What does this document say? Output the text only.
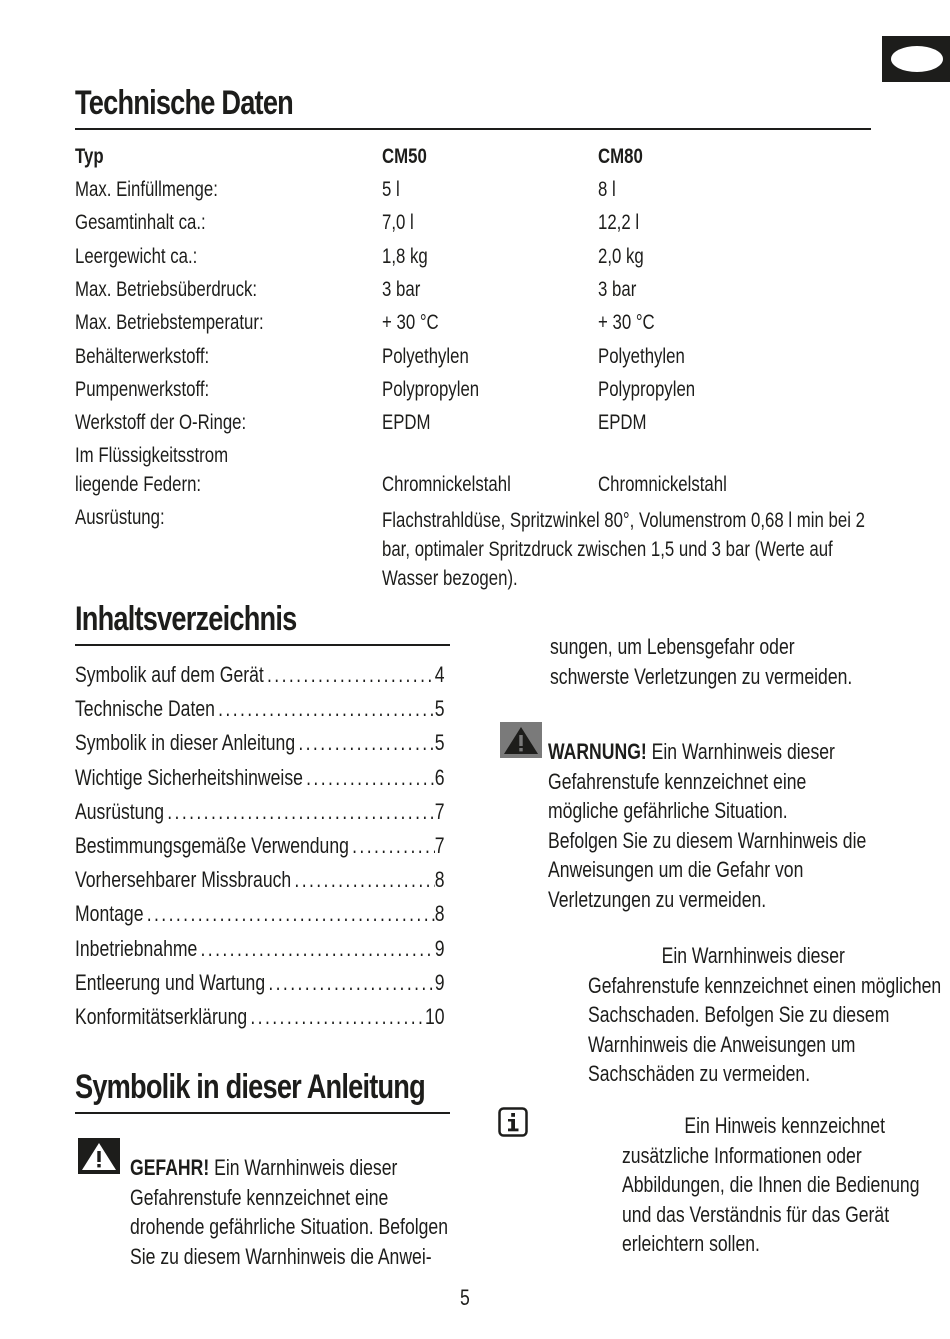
Technische Daten
Typ	CM50	CM80
Max. Einfüllmenge:	5 l	8 l
Gesamtinhalt ca.:	7,0 l	12,2 l
Leergewicht ca.:	1,8 kg	2,0 kg
Max. Betriebsüberdruck:	3 bar	3 bar
Max. Betriebstemperatur:	+ 30 °C	+ 30 °C
Behälterwerkstoff:	Polyethylen	Polyethylen
Pumpenwerkstoff:	Polypropylen	Polypropylen
Werkstoff der O-Ringe:	EPDM	EPDM
Im Flüssigkeitsstrom
liegende Federn:	Chromnickelstahl	Chromnickelstahl
Ausrüstung:	Flachstrahldüse, Spritzwinkel 80°, Volumenstrom 0,68 l min bei 2 bar, optimaler Spritzdruck zwischen 1,5 und 3 bar (Werte auf Wasser bezogen).
Inhaltsverzeichnis
Symbolik auf dem Gerät .....	4
Technische Daten .....	5
Symbolik in dieser Anleitung .....	5
Wichtige Sicherheitshinweise .....	6
Ausrüstung .....	7
Bestimmungsgemäße Verwendung .....	7
Vorhersehbarer Missbrauch .....	8
Montage .....	8
Inbetriebnahme .....	9
Entleerung und Wartung .....	9
Konformitätserklärung .....	10
Symbolik in dieser Anleitung
GEFAHR! Ein Warnhinweis dieser Gefahrenstufe kennzeichnet eine drohende gefährliche Situation. Befolgen Sie zu diesem Warnhinweis die Anwei-
sungen, um Lebensgefahr oder schwerste Verletzungen zu vermeiden.
WARNUNG! Ein Warnhinweis dieser Gefahrenstufe kennzeichnet eine mögliche gefährliche Situation.
Befolgen Sie zu diesem Warnhinweis die Anweisungen um die Gefahr von Verletzungen zu vermeiden.
Ein Warnhinweis dieser Gefahrenstufe kennzeichnet einen möglichen Sachschaden. Befolgen Sie zu diesem Warnhinweis die Anweisungen um Sachschäden zu vermeiden.
Ein Hinweis kennzeichnet zusätzliche Informationen oder Abbildungen, die Ihnen die Bedienung und das Verständnis für das Gerät erleichtern sollen.
5
